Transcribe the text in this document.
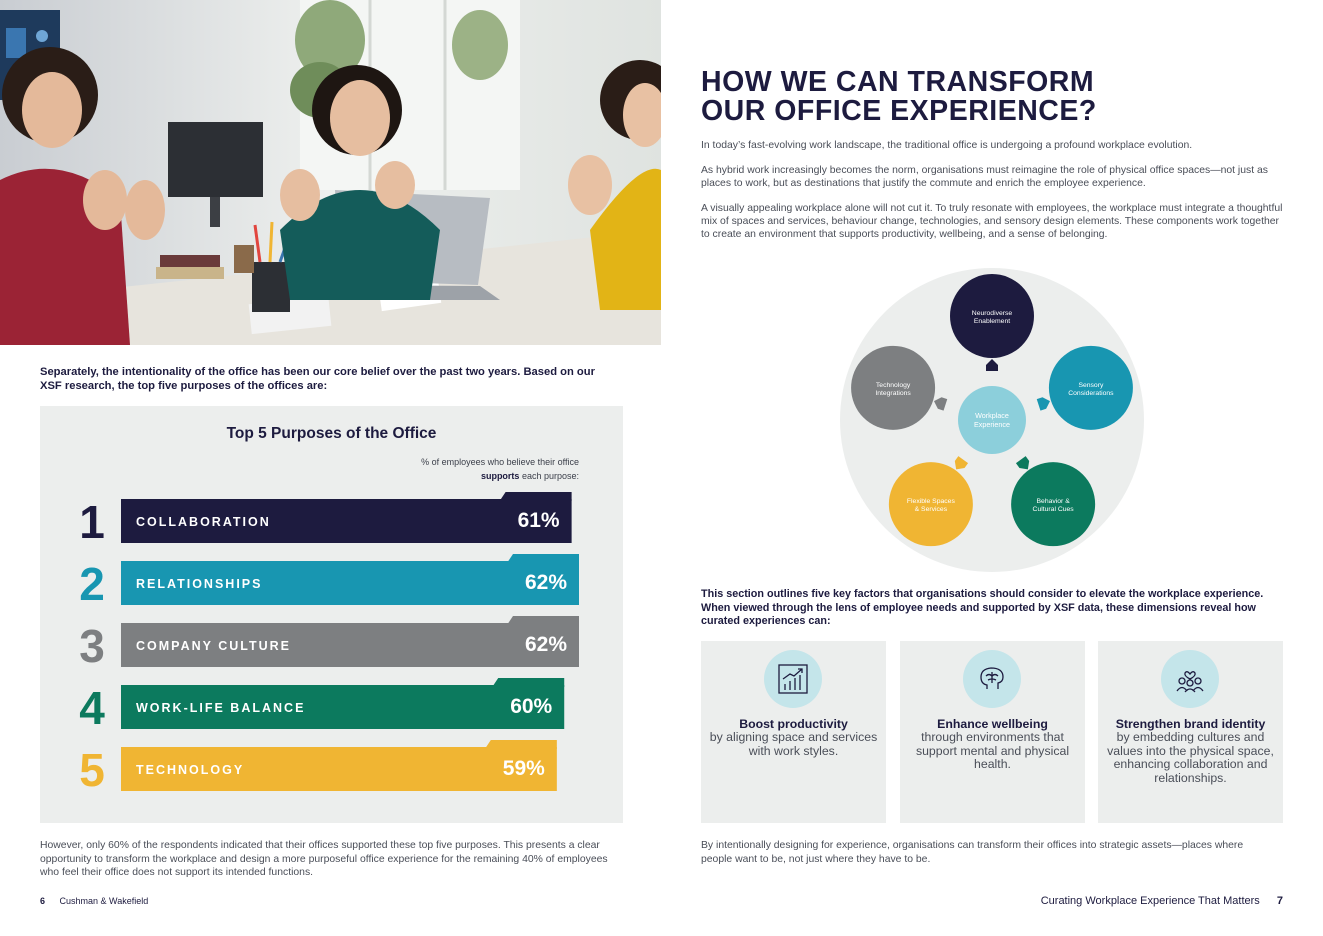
Separately, the intentionality of the office has been our core belief over the past two years. Based on our XSF research, the top five purposes of the offices are:

Top 5 Purposes of the Office
% of employees who believe their office
supports each purpose:
1 COLLABORATION	61%
2 RELATIONSHIPS	62%
3 COMPANY CULTURE	62%
4 WORK-LIFE BALANCE	60%
5 TECHNOLOGY	59%

However, only 60% of the respondents indicated that their offices supported these top five purposes. This presents a clear opportunity to transform the workplace and design a more purposeful office experience for the remaining 40% of employees who feel their office does not support its intended functions.

6 Cushman & Wakefield
HOW WE CAN TRANSFORM
OUR OFFICE EXPERIENCE?

In today’s fast-evolving work landscape, the traditional office is undergoing a profound workplace evolution.

As hybrid work increasingly becomes the norm, organisations must reimagine the role of physical office spaces—not just as places to work, but as destinations that justify the commute and enrich the employee experience.

A visually appealing workplace alone will not cut it. To truly resonate with employees, the workplace must integrate a thoughtful mix of spaces and services, behaviour change, technologies, and sensory design elements. These components work together to create an environment that supports productivity, wellbeing, and a sense of belonging.

Workplace
Experience
Neurodiverse
Enablement
Sensory
Considerations
Behavior &
Cultural Cues
Flexible Spaces
& Services
Technology
Integrations

This section outlines five key factors that organisations should consider to elevate the workplace experience. When viewed through the lens of employee needs and supported by XSF data, these dimensions reveal how curated experiences can:

Boost productivity
by aligning space and services with work styles.
Enhance wellbeing
through environments that support mental and physical health.
Strengthen brand identity
by embedding cultures and values into the physical space, enhancing collaboration and relationships.

By intentionally designing for experience, organisations can transform their offices into strategic assets—places where people want to be, not just where they have to be.

Curating Workplace Experience That Matters 7
